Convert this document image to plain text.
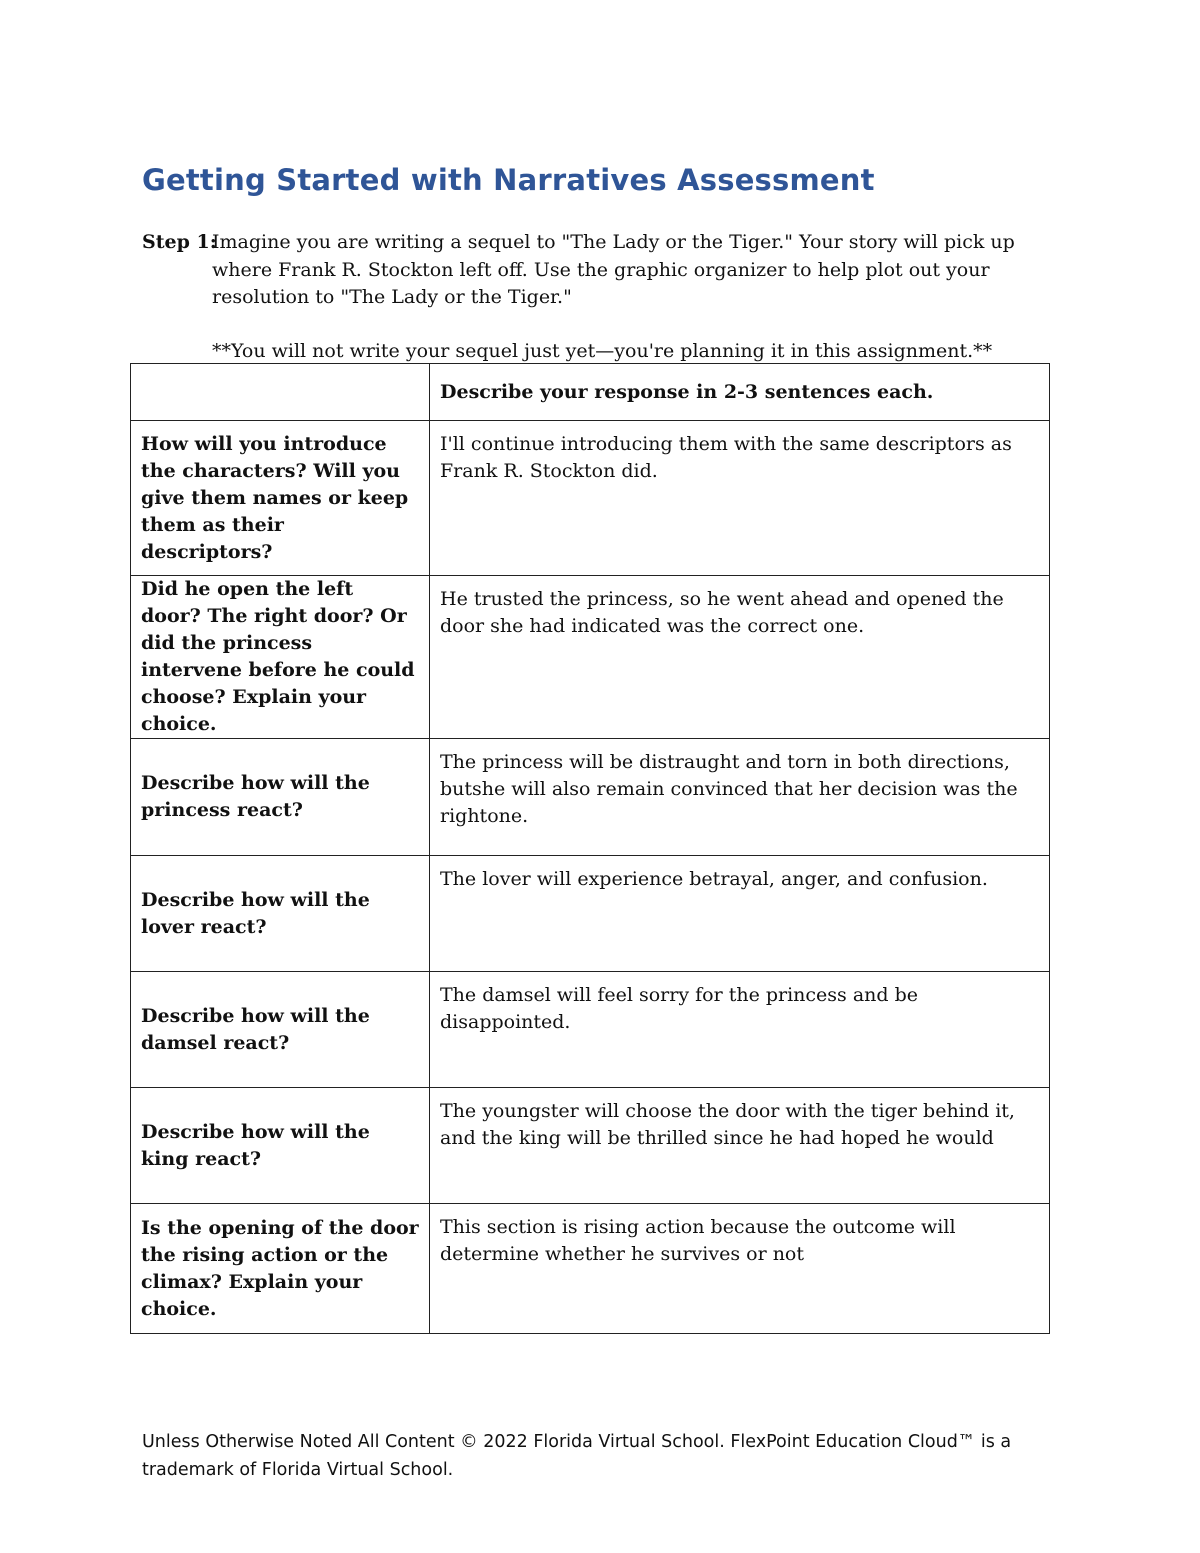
Getting Started with Narratives Assessment
Step 1:
Imagine you are writing a sequel to "The Lady or the Tiger." Your story will pick up where Frank R. Stockton left off. Use the graphic organizer to help plot out your resolution to "The Lady or the Tiger."
**You will not write your sequel just yet—you're planning it in this assignment.**
	Describe your response in 2-3 sentences each.
How will you introduce the characters? Will you give them names or keep them as their descriptors?	I'll continue introducing them with the same descriptors as Frank R. Stockton did.
Did he open the left door? The right door? Or did the princess intervene before he could choose? Explain your choice.	He trusted the princess, so he went ahead and opened the door she had indicated was the correct one.
Describe how will the princess react?	The princess will be distraught and torn in both directions, butshe will also remain convinced that her decision was the rightone.
Describe how will the lover react?	The lover will experience betrayal, anger, and confusion.
Describe how will the damsel react?	The damsel will feel sorry for the princess and be disappointed.
Describe how will the king react?	The youngster will choose the door with the tiger behind it, and the king will be thrilled since he had hoped he would
Is the opening of the door the rising action or the climax? Explain your choice.	This section is rising action because the outcome will determine whether he survives or not
Unless Otherwise Noted All Content © 2022 Florida Virtual School. FlexPoint Education Cloud™ is a trademark of Florida Virtual School.
